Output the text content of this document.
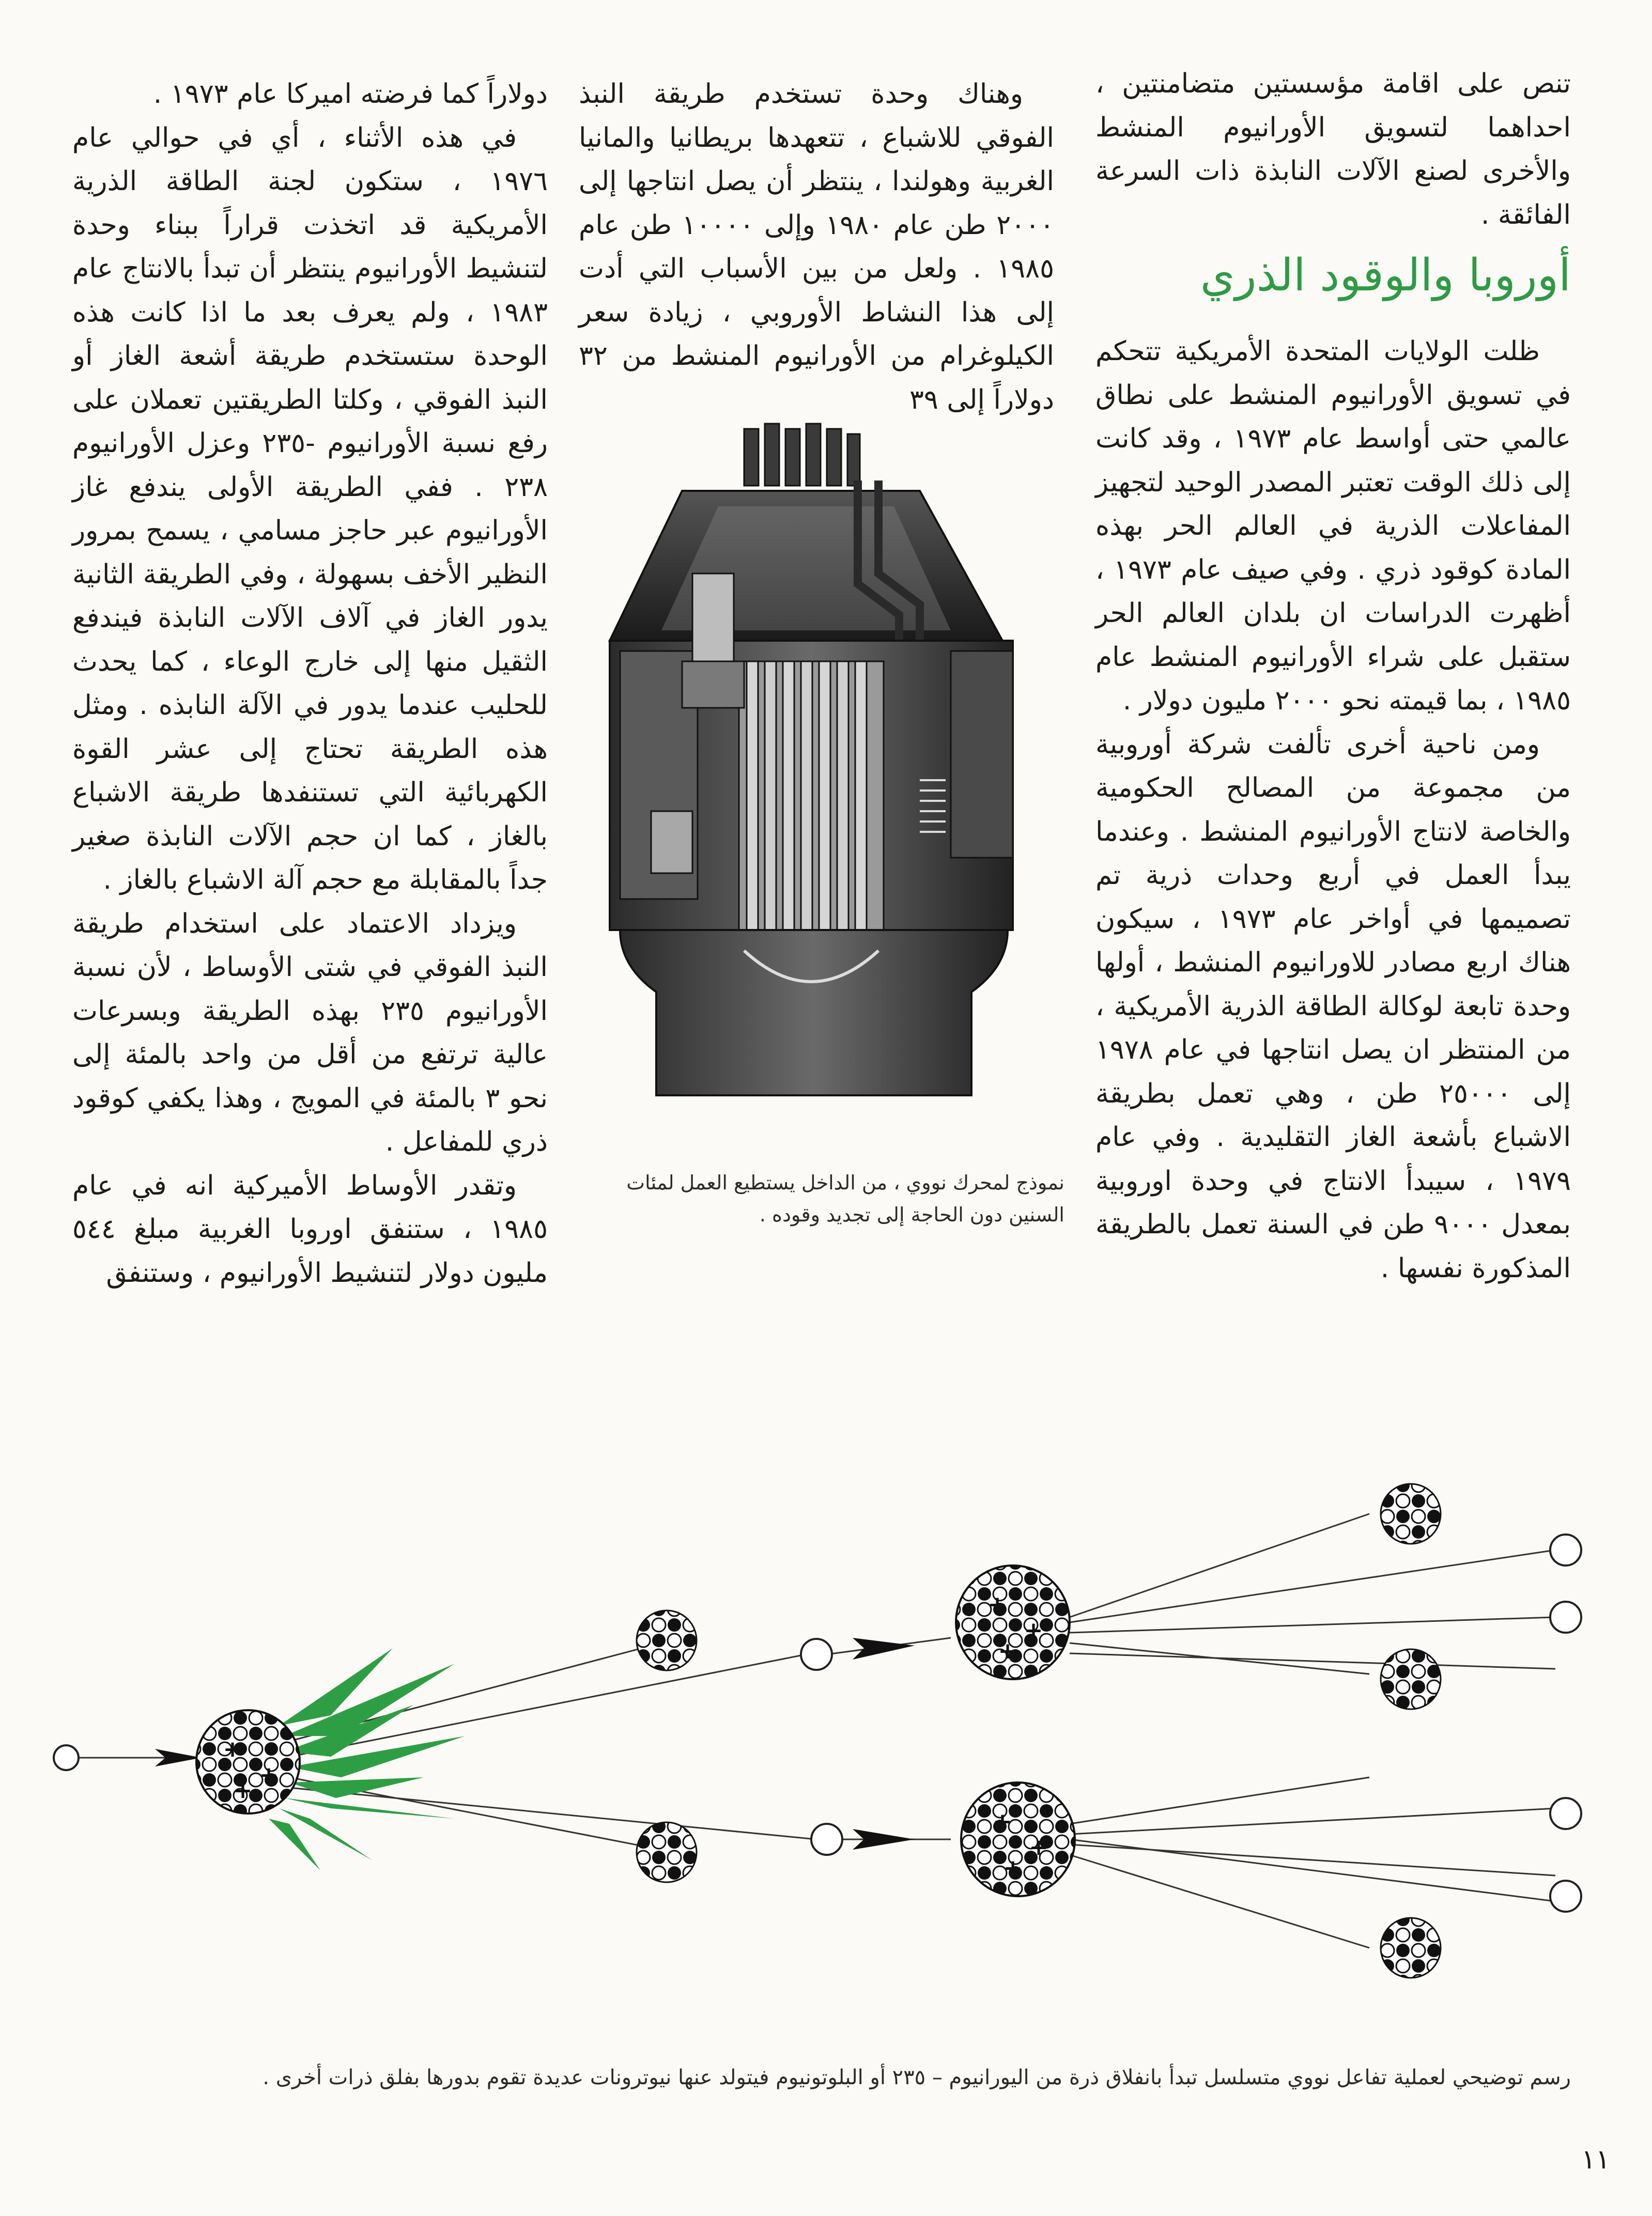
تنص على اقامة مؤسستين متضامنتين ، احداهما لتسويق الأورانيوم المنشط والأخرى لصنع الآلات النابذة ذات السرعة الفائقة .

أوروبا والوقود الذري

ظلت الولايات المتحدة الأمريكية تتحكم في تسويق الأورانيوم المنشط على نطاق عالمي حتى أواسط عام ١٩٧٣ ، وقد كانت إلى ذلك الوقت تعتبر المصدر الوحيد لتجهيز المفاعلات الذرية في العالم الحر بهذه المادة كوقود ذري . وفي صيف عام ١٩٧٣ ، أظهرت الدراسات ان بلدان العالم الحر ستقبل على شراء الأورانيوم المنشط عام ١٩٨٥ ، بما قيمته نحو ٢٠٠٠ مليون دولار .

ومن ناحية أخرى تألفت شركة أوروبية من مجموعة من المصالح الحكومية والخاصة لانتاج الأورانيوم المنشط . وعندما يبدأ العمل في أربع وحدات ذرية تم تصميمها في أواخر عام ١٩٧٣ ، سيكون هناك اربع مصادر للاورانيوم المنشط ، أولها وحدة تابعة لوكالة الطاقة الذرية الأمريكية ، من المنتظر ان يصل انتاجها في عام ١٩٧٨ إلى ٢٥٠٠٠ طن ، وهي تعمل بطريقة الاشباع بأشعة الغاز التقليدية . وفي عام ١٩٧٩ ، سيبدأ الانتاج في وحدة اوروبية بمعدل ٩٠٠٠ طن في السنة تعمل بالطريقة المذكورة نفسها .

وهناك وحدة تستخدم طريقة النبذ الفوقي للاشباع ، تتعهدها بريطانيا والمانيا الغربية وهولندا ، ينتظر أن يصل انتاجها إلى ٢٠٠٠ طن عام ١٩٨٠ وإلى ١٠٠٠٠ طن عام ١٩٨٥ . ولعل من بين الأسباب التي أدت إلى هذا النشاط الأوروبي ، زيادة سعر الكيلوغرام من الأورانيوم المنشط من ٣٢ دولاراً إلى ٣٩

نموذج لمحرك نووي ، من الداخل يستطيع العمل لمئات السنين دون الحاجة إلى تجديد وقوده .

دولاراً كما فرضته اميركا عام ١٩٧٣ .

في هذه الأثناء ، أي في حوالي عام ١٩٧٦ ، ستكون لجنة الطاقة الذرية الأمريكية قد اتخذت قراراً ببناء وحدة لتنشيط الأورانيوم ينتظر أن تبدأ بالانتاج عام ١٩٨٣ ، ولم يعرف بعد ما اذا كانت هذه الوحدة ستستخدم طريقة أشعة الغاز أو النبذ الفوقي ، وكلتا الطريقتين تعملان على رفع نسبة الأورانيوم -٢٣٥ وعزل الأورانيوم ٢٣٨ . ففي الطريقة الأولى يندفع غاز الأورانيوم عبر حاجز مسامي ، يسمح بمرور النظير الأخف بسهولة ، وفي الطريقة الثانية يدور الغاز في آلاف الآلات النابذة فيندفع الثقيل منها إلى خارج الوعاء ، كما يحدث للحليب عندما يدور في الآلة النابذه . ومثل هذه الطريقة تحتاج إلى عشر القوة الكهربائية التي تستنفدها طريقة الاشباع بالغاز ، كما ان حجم الآلات النابذة صغير جداً بالمقابلة مع حجم آلة الاشباع بالغاز .

ويزداد الاعتماد على استخدام طريقة النبذ الفوقي في شتى الأوساط ، لأن نسبة الأورانيوم ٢٣٥ بهذه الطريقة وبسرعات عالية ترتفع من أقل من واحد بالمئة إلى نحو ٣ بالمئة في المويج ، وهذا يكفي كوقود ذري للمفاعل .

وتقدر الأوساط الأميركية انه في عام ١٩٨٥ ، ستنفق اوروبا الغربية مبلغ ٥٤٤ مليون دولار لتنشيط الأورانيوم ، وستنفق

+
+
+
+
+
+
+
+
+

رسم توضيحي لعملية تفاعل نووي متسلسل تبدأ بانفلاق ذرة من اليورانيوم – ٢٣٥ أو البلوتونيوم فيتولد عنها نيوترونات عديدة تقوم بدورها بفلق ذرات أخرى .

١١
